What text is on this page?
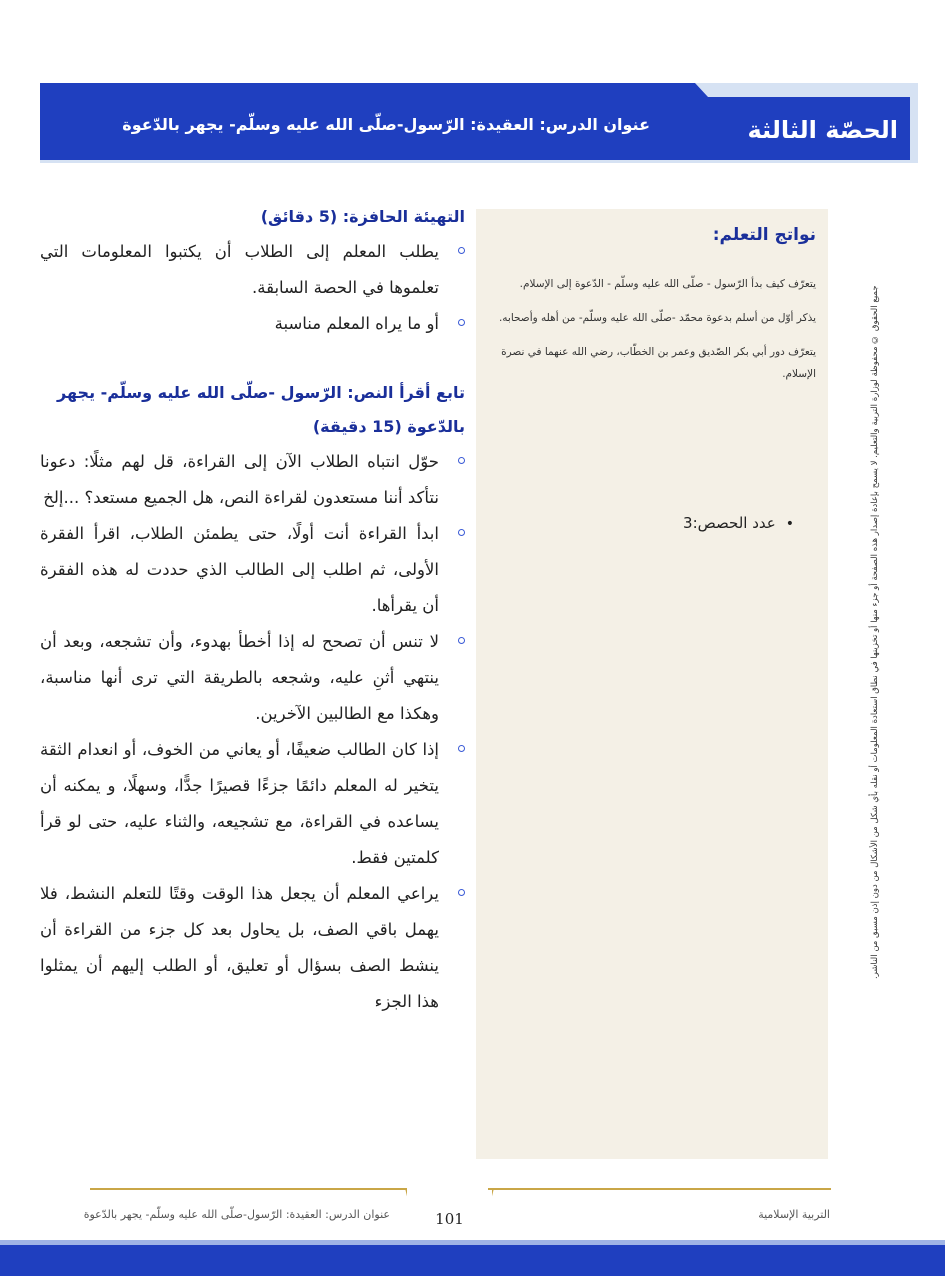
عنوان الدرس: العقيدة: الرّسول-صلّى الله عليه وسلّم- يجهر بالدّعوة	الحصّة الثالثة
نواتج التعلم:
يتعرّف كيف بدأ الرّسول - صلّى الله عليه وسلّم - الدّعوة إلى الإسلام.
يذكر أوّل من أسلم بدعوة محمّد -صلّى الله عليه وسلّم- من أهله وأصحابه.
يتعرّف دور أبي بكر الصّديق وعمر بن الخطّاب، رضي الله عنهما في نصرة الإسلام.
•عدد الحصص:3	جميع الحقوق © محفوظة لوزارة التربية والتعليم. لا يسمح بإعادة إصدار هذه الصفحة أو جزء منها أو تخزينها في نطاق استعادة المعلومات أو نقله بأي شكل من الأشكال من دون إذن مسبق من الناشر.
التهيئة الحافزة: (5 دقائق)
يطلب المعلم إلى الطلاب أن يكتبوا المعلومات التي تعلموها في الحصة السابقة.
أو ما يراه المعلم مناسبة
تابع أقرأ النص: الرّسول -صلّى الله عليه وسلّم- يجهر بالدّعوة (15 دقيقة)
حوّل انتباه الطلاب الآن إلى القراءة، قل لهم مثلًا: دعونا نتأكد أننا مستعدون لقراءة النص، هل الجميع مستعد؟ ...إلخ
ابدأ القراءة أنت أولًا، حتى يطمئن الطلاب، اقرأ الفقرة الأولى، ثم اطلب إلى الطالب الذي حددت له هذه الفقرة أن يقرأها.
لا تنس أن تصحح له إذا أخطأ بهدوء، وأن تشجعه، وبعد أن ينتهي أثنِ عليه، وشجعه بالطريقة التي ترى أنها مناسبة، وهكذا مع الطالبين الآخرين.
إذا كان الطالب ضعيفًا، أو يعاني من الخوف، أو انعدام الثقة يتخير له المعلم دائمًا جزءًا قصيرًا جدًّا، وسهلًا، و يمكنه أن يساعده في القراءة، مع تشجيعه، والثناء عليه، حتى لو قرأ كلمتين فقط.
يراعي المعلم أن يجعل هذا الوقت وقتًا للتعلم النشط، فلا يهمل باقي الصف، بل يحاول بعد كل جزء من القراءة أن ينشط الصف بسؤال أو تعليق، أو الطلب إليهم أن يمثلوا هذا الجزء
101
عنوان الدرس: العقيدة: الرّسول-صلّى الله عليه وسلّم- يجهر بالدّعوة	التربية الإسلامية
